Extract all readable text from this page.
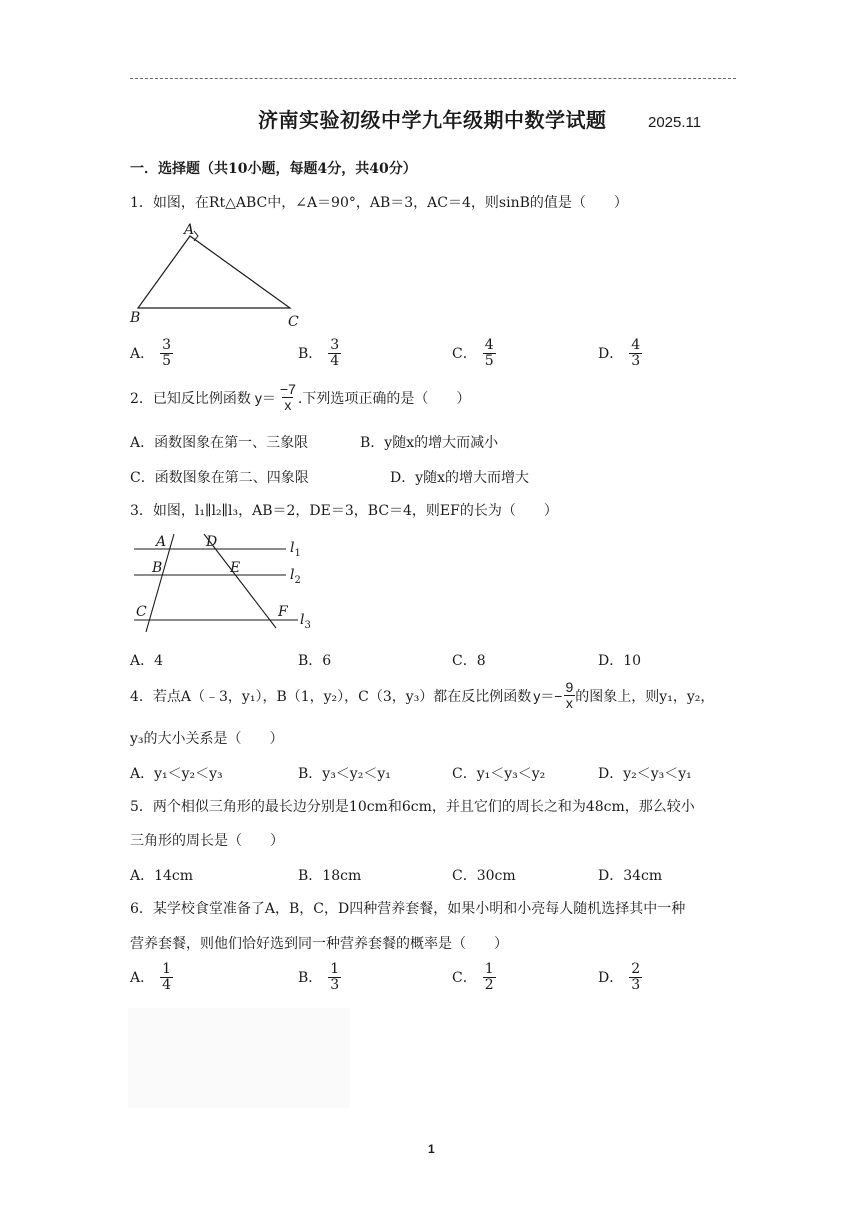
济南实验初级中学九年级期中数学试题	2025.11
一．选择题（共10小题，每题4分，共40分）
1．如图，在Rt△ABC中，∠A＝90°，AB＝3，AC＝4，则sinB的值是（　　）
A
B	C
A． $\frac{3}{5}$	B． $\frac{3}{4}$	C． $\frac{4}{5}$	D． $\frac{4}{3}$
2．已知反比例函数 $y= \frac{-7}{x}$ .下列选项正确的是（　　）
A．函数图象在第一、三象限	B．y随x的增大而减小
C．函数图象在第二、四象限	D．y随x的增大而增大
3．如图，l₁∥l₂∥l₃，AB＝2，DE＝3，BC＝4，则EF的长为（　　）
A
B
C
D
E
F
$l_1$
$l_2$
$l_3$
A．4	B．6	C．8	D．10
4．若点A（﹣3，y₁），B（1，y₂），C（3，y₃）都在反比例函数 $y=- \frac{9}{x}$ 的图象上，则y₁，y₂，
y₃的大小关系是（　　）
A．y₁＜y₂＜y₃	B．y₃＜y₂＜y₁	C．y₁＜y₃＜y₂	D．y₂＜y₃＜y₁
5．两个相似三角形的最长边分别是10cm和6cm，并且它们的周长之和为48cm，那么较小
三角形的周长是（　　）
A．14cm	B．18cm	C．30cm	D．34cm
6．某学校食堂准备了A，B，C，D四种营养套餐，如果小明和小亮每人随机选择其中一种
营养套餐，则他们恰好选到同一种营养套餐的概率是（　　）
A． $\frac{1}{4}$	B． $\frac{1}{3}$	C． $\frac{1}{2}$	D． $\frac{2}{3}$
1
